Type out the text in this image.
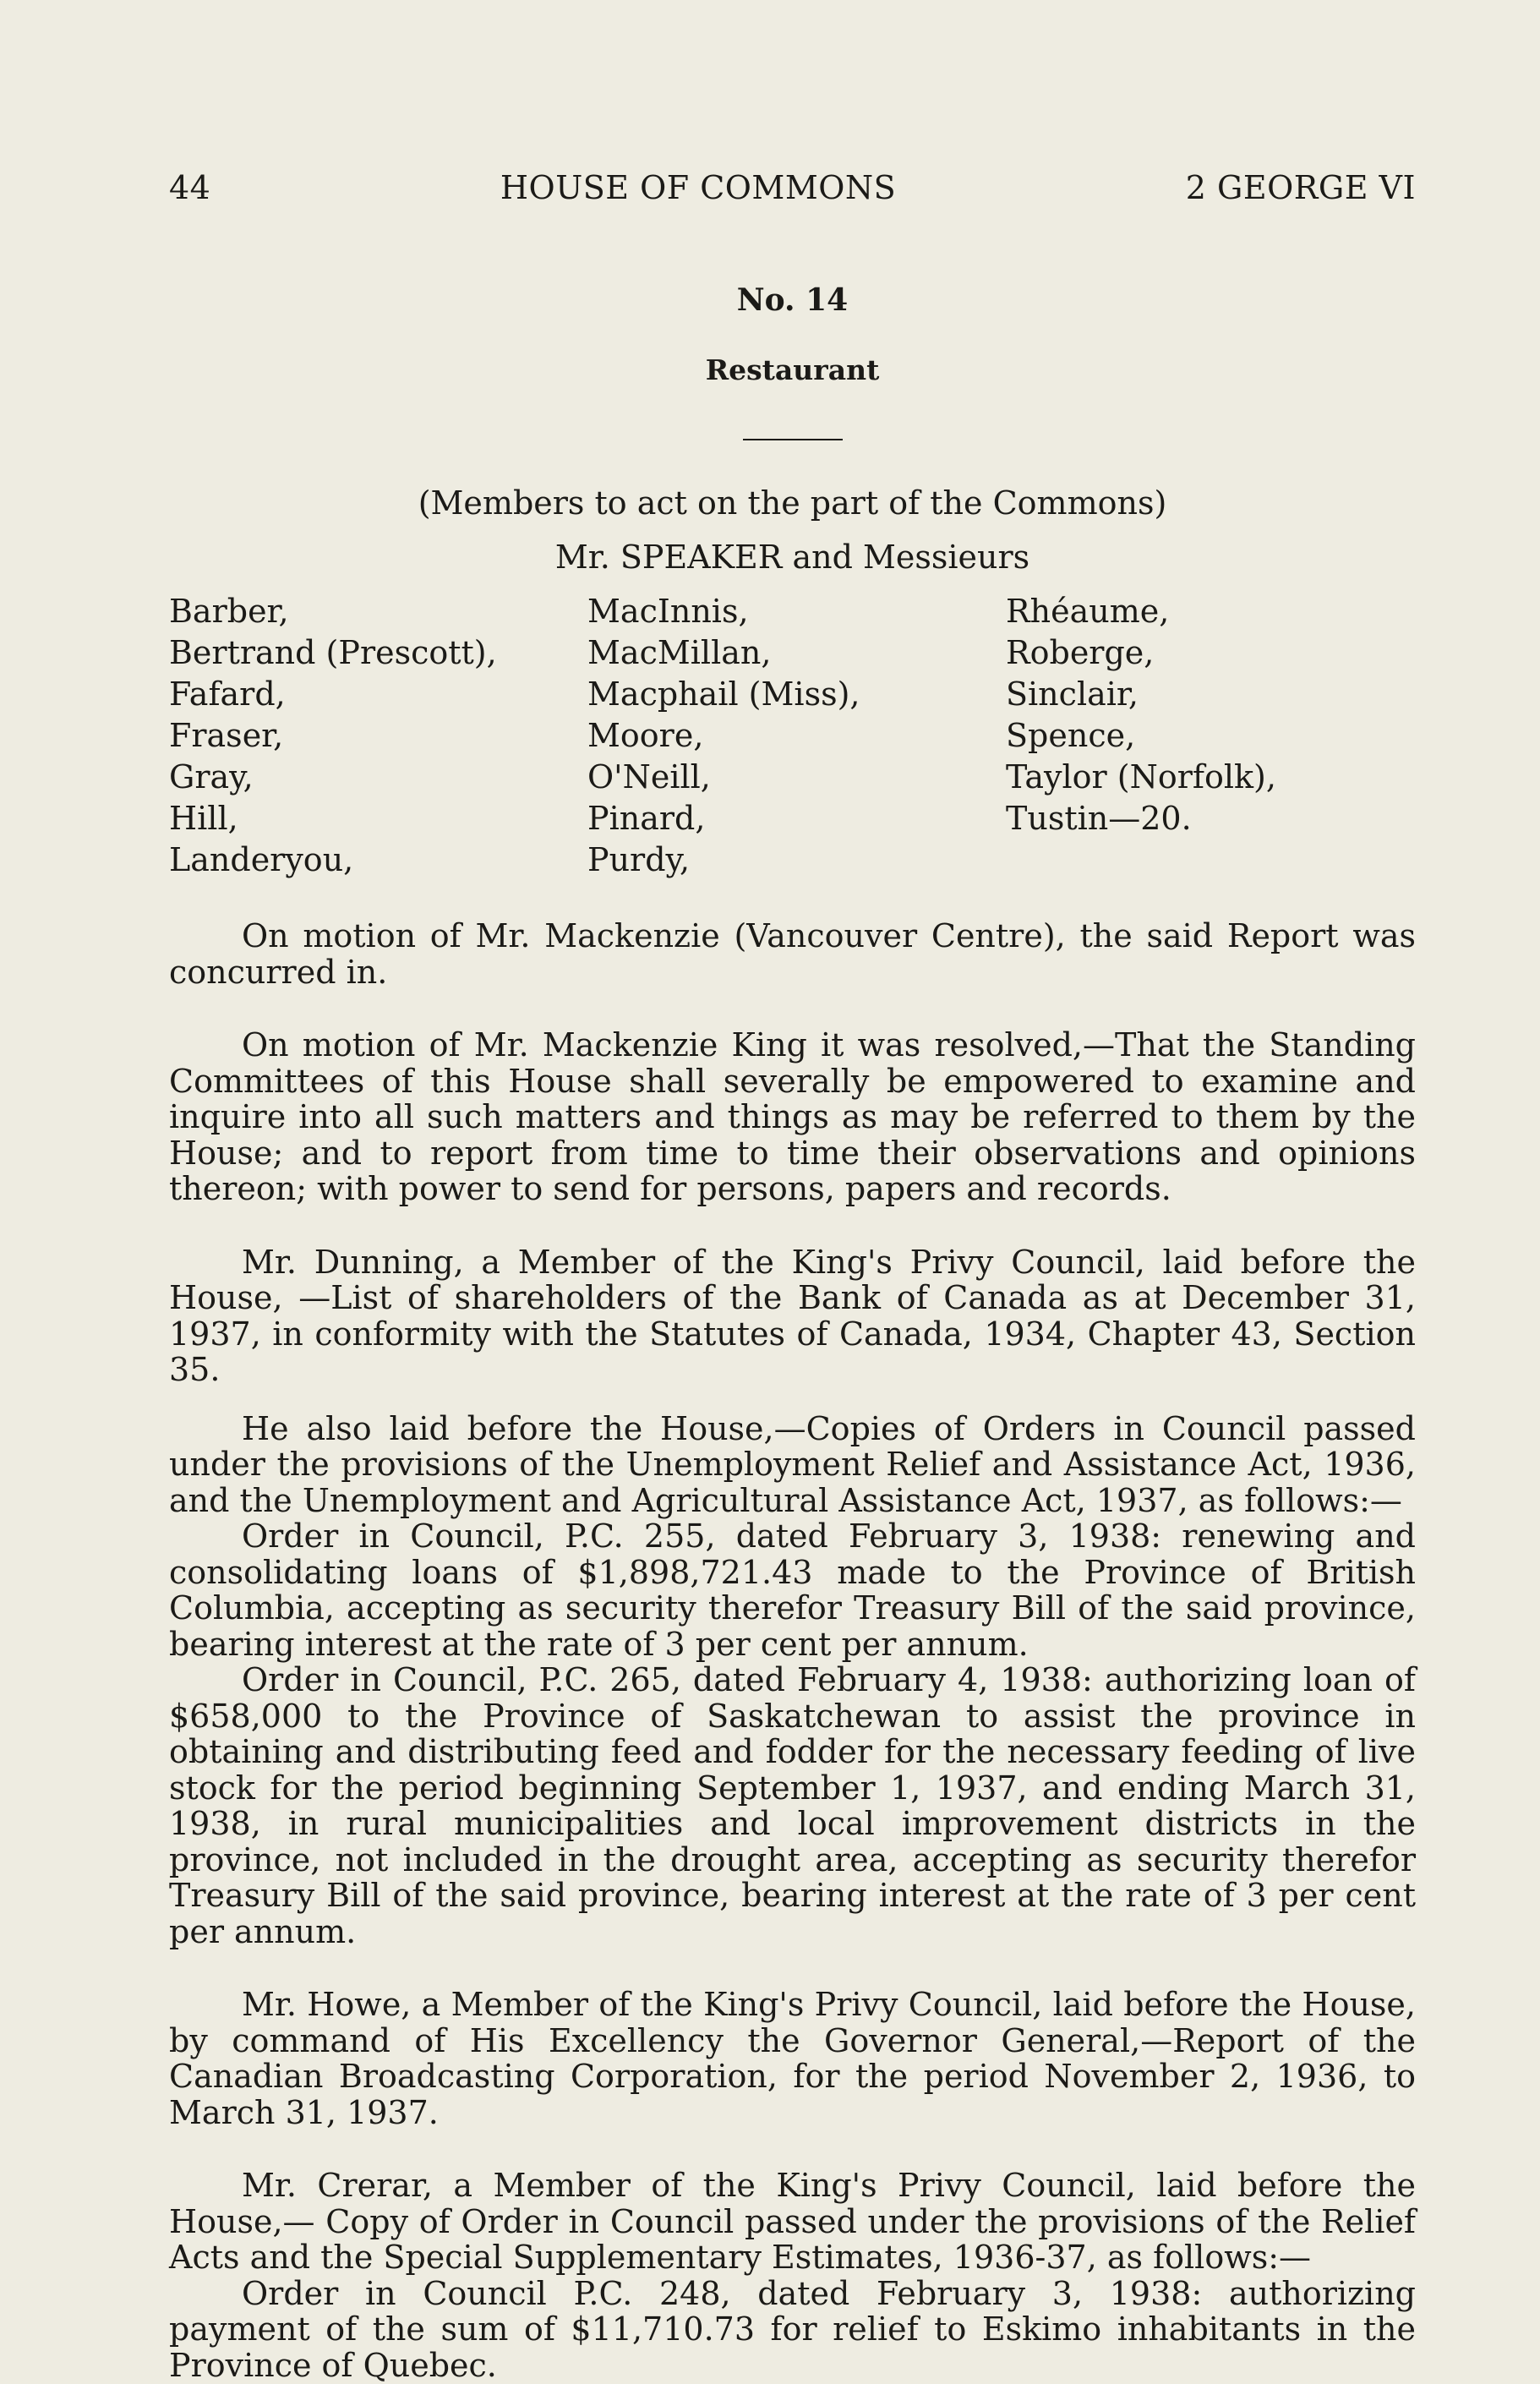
44	HOUSE OF COMMONS	2 GEORGE VI
No. 14
Restaurant
(Members to act on the part of the Commons)
Mr. SPEAKER and Messieurs
Barber,
Bertrand (Prescott),
Fafard,
Fraser,
Gray,
Hill,
Landeryou,
MacInnis,
MacMillan,
Macphail (Miss),
Moore,
O'Neill,
Pinard,
Purdy,
Rhéaume,
Roberge,
Sinclair,
Spence,
Taylor (Norfolk),
Tustin—20.

On motion of Mr. Mackenzie (Vancouver Centre), the said Report was concurred in.

On motion of Mr. Mackenzie King it was resolved,—That the Standing Committees of this House shall severally be empowered to examine and inquire into all such matters and things as may be referred to them by the House; and to report from time to time their observations and opinions thereon; with power to send for persons, papers and records.

Mr. Dunning, a Member of the King's Privy Council, laid before the House, —List of shareholders of the Bank of Canada as at December 31, 1937, in conformity with the Statutes of Canada, 1934, Chapter 43, Section 35.

He also laid before the House,—Copies of Orders in Council passed under the provisions of the Unemployment Relief and Assistance Act, 1936, and the Unemployment and Agricultural Assistance Act, 1937, as follows:—

Order in Council, P.C. 255, dated February 3, 1938: renewing and consolidating loans of $1,898,721.43 made to the Province of British Columbia, accepting as security therefor Treasury Bill of the said province, bearing interest at the rate of 3 per cent per annum.

Order in Council, P.C. 265, dated February 4, 1938: authorizing loan of $658,000 to the Province of Saskatchewan to assist the province in obtaining and distributing feed and fodder for the necessary feeding of live stock for the period beginning September 1, 1937, and ending March 31, 1938, in rural municipalities and local improvement districts in the province, not included in the drought area, accepting as security therefor Treasury Bill of the said province, bearing interest at the rate of 3 per cent per annum.

Mr. Howe, a Member of the King's Privy Council, laid before the House, by command of His Excellency the Governor General,—Report of the Canadian Broadcasting Corporation, for the period November 2, 1936, to March 31, 1937.

Mr. Crerar, a Member of the King's Privy Council, laid before the House,— Copy of Order in Council passed under the provisions of the Relief Acts and the Special Supplementary Estimates, 1936-37, as follows:—

Order in Council P.C. 248, dated February 3, 1938: authorizing payment of the sum of $11,710.73 for relief to Eskimo inhabitants in the Province of Quebec.
